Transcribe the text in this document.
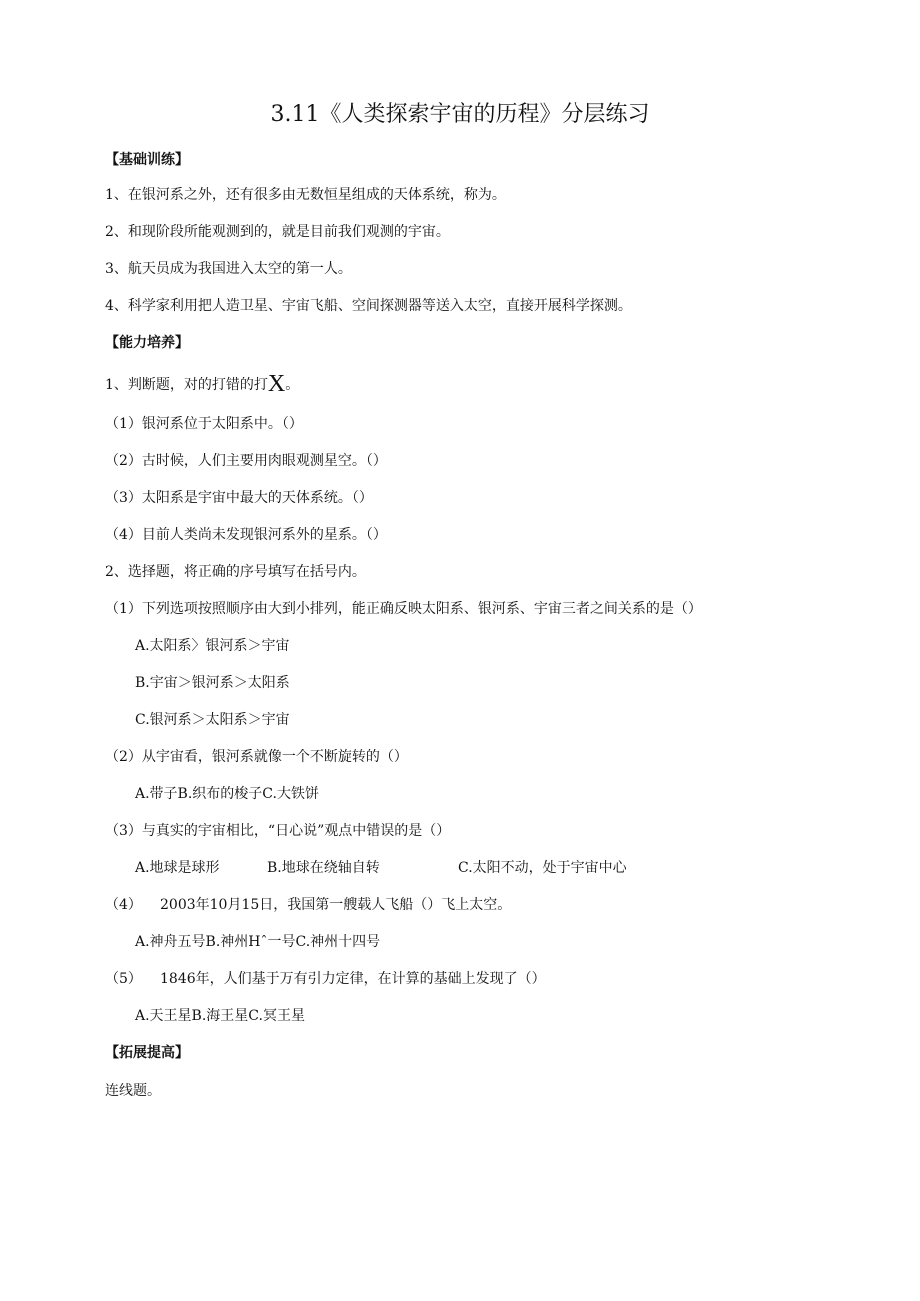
3.11《人类探索宇宙的历程》分层练习
【基础训练】
1、在银河系之外，还有很多由无数恒星组成的天体系统，称为。
2、和现阶段所能观测到的，就是目前我们观测的宇宙。
3、航天员成为我国进入太空的第一人。
4、科学家利用把人造卫星、宇宙飞船、空间探测器等送入太空，直接开展科学探测。
【能力培养】
1、判断题，对的打错的打X。
（1）银河系位于太阳系中。（）
（2）古时候，人们主要用肉眼观测星空。（）
（3）太阳系是宇宙中最大的天体系统。（）
（4）目前人类尚未发现银河系外的星系。（）
2、选择题，将正确的序号填写在括号内。
（1）下列选项按照顺序由大到小排列，能正确反映太阳系、银河系、宇宙三者之间关系的是（）
A.太阳系〉银河系＞宇宙
B.宇宙＞银河系＞太阳系
C.银河系＞太阳系＞宇宙
（2）从宇宙看，银河系就像一个不断旋转的（）
A.带子B.织布的梭子C.大铁饼
（3）与真实的宇宙相比，“日心说”观点中错误的是（）
A.地球是球形	B.地球在绕轴自转	C.太阳不动，处于宇宙中心
（4） 2003年10月15日，我国第一艘载人飞船（）飞上太空。
A.神舟五号B.神州Hˆ一号C.神州十四号
（5） 1846年，人们基于万有引力定律，在计算的基础上发现了（）
A.天王星B.海王星C.冥王星
【拓展提高】
连线题。
